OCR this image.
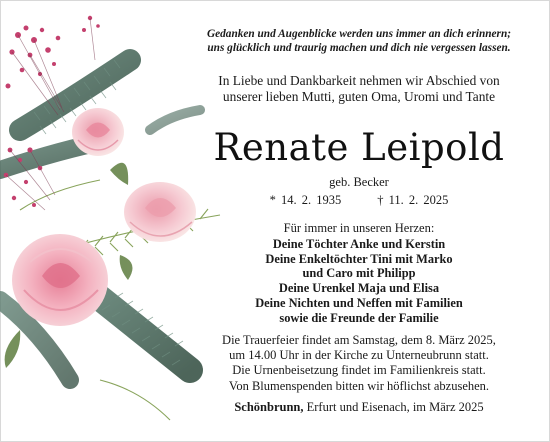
Gedanken und Augenblicke werden uns immer an dich erinnern;
uns glücklich und traurig machen und dich nie vergessen lassen.
In Liebe und Dankbarkeit nehmen wir Abschied von
unserer lieben Mutti, guten Oma, Uromi und Tante
Renate Leipold
geb. Becker
* 14. 2. 1935	† 11. 2. 2025
Für immer in unseren Herzen:
Deine Töchter Anke und Kerstin
Deine Enkeltöchter Tini mit Marko
und Caro mit Philipp
Deine Urenkel Maja und Elisa
Deine Nichten und Neffen mit Familien
sowie die Freunde der Familie
Die Trauerfeier findet am Samstag, dem 8. März 2025,
um 14.00 Uhr in der Kirche zu Unterneubrunn statt.
Die Urnenbeisetzung findet im Familienkreis statt.
Von Blumenspenden bitten wir höflichst abzusehen.
Schönbrunn, Erfurt und Eisenach, im März 2025
